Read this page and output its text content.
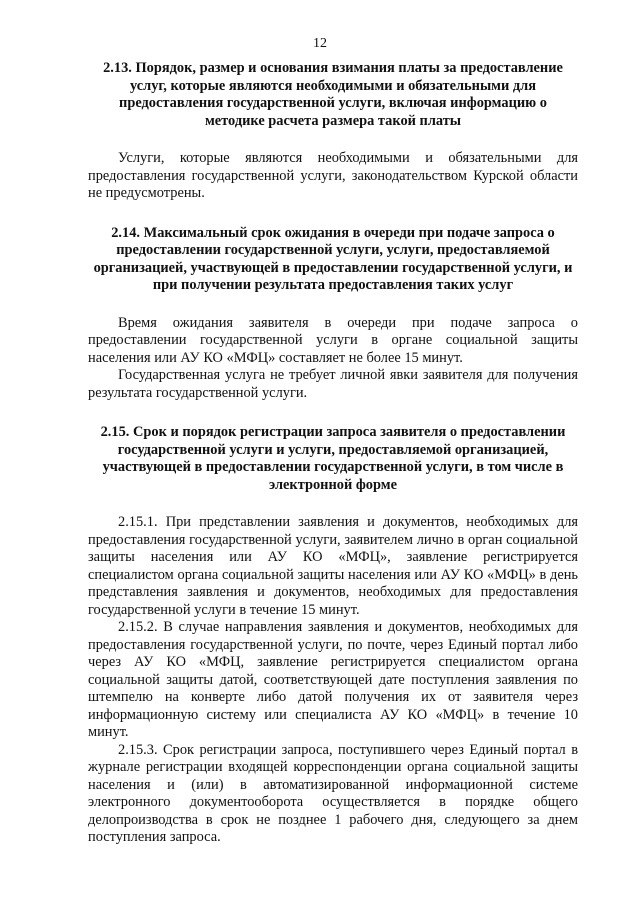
12
2.13. Порядок, размер и основания взимания платы за предоставление услуг, которые являются необходимыми и обязательными для предоставления государственной услуги, включая информацию о методике расчета размера такой платы

Услуги, которые являются необходимыми и обязательными для предоставления государственной услуги, законодательством Курской области не предусмотрены.

2.14. Максимальный срок ожидания в очереди при подаче запроса о предоставлении государственной услуги, услуги, предоставляемой организацией, участвующей в предоставлении государственной услуги, и при получении результата предоставления таких услуг

Время ожидания заявителя в очереди при подаче запроса о предоставлении государственной услуги в органе социальной защиты населения или АУ КО «МФЦ» составляет не более 15 минут.

Государственная услуга не требует личной явки заявителя для получения результата государственной услуги.

2.15. Срок и порядок регистрации запроса заявителя о предоставлении государственной услуги и услуги, предоставляемой организацией, участвующей в предоставлении государственной услуги, в том числе в электронной форме

2.15.1. При представлении заявления и документов, необходимых для предоставления государственной услуги, заявителем лично в орган социальной защиты населения или АУ КО «МФЦ», заявление регистрируется специалистом органа социальной защиты населения или АУ КО «МФЦ» в день представления заявления и документов, необходимых для предоставления государственной услуги в течение 15 минут.

2.15.2. В случае направления заявления и документов, необходимых для предоставления государственной услуги, по почте, через Единый портал либо через АУ КО «МФЦ, заявление регистрируется специалистом органа социальной защиты датой, соответствующей дате поступления заявления по штемпелю на конверте либо датой получения их от заявителя через информационную систему или специалиста АУ КО «МФЦ» в течение 10 минут.

2.15.3. Срок регистрации запроса, поступившего через Единый портал в журнале регистрации входящей корреспонденции органа социальной защиты населения и (или) в автоматизированной информационной системе электронного документооборота осуществляется в порядке общего делопроизводства в срок не позднее 1 рабочего дня, следующего за днем поступления запроса.
